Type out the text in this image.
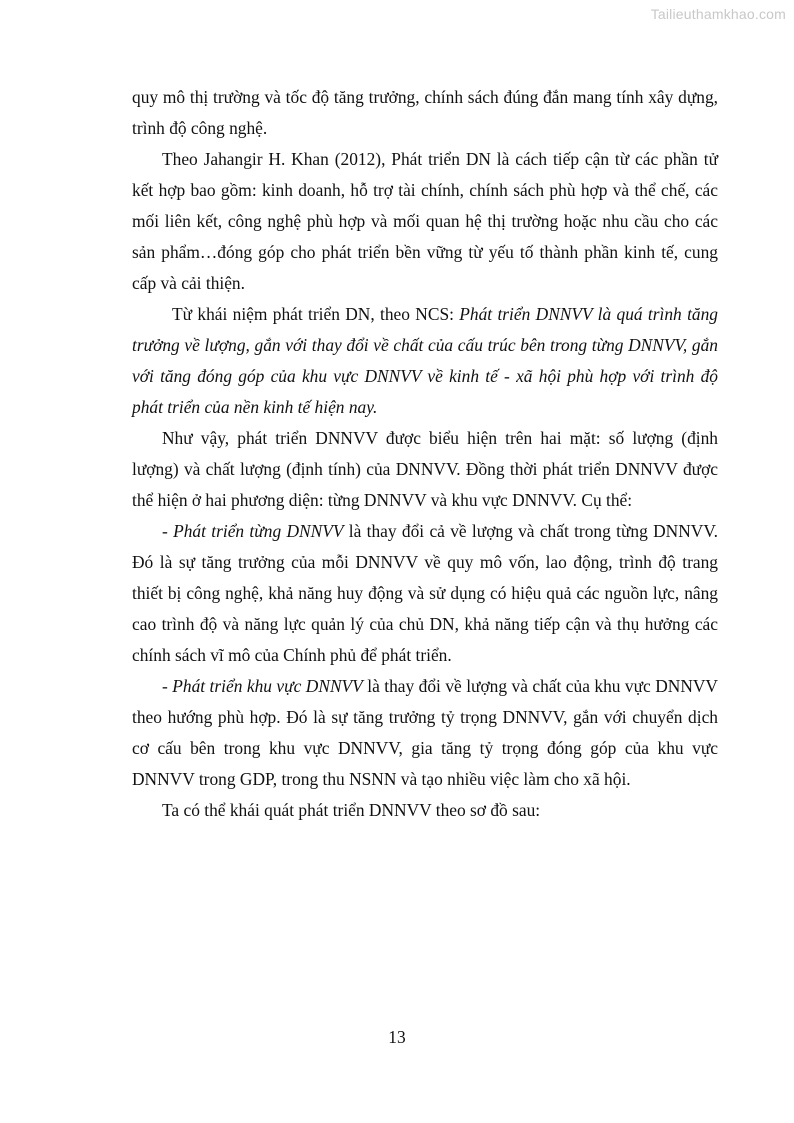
Tailieuthamkhao.com

quy mô thị trường và tốc độ tăng trưởng, chính sách đúng đắn mang tính xây dựng, trình độ công nghệ.

Theo Jahangir H. Khan (2012), Phát triển DN là cách tiếp cận từ các phần tử kết hợp bao gồm: kinh doanh, hỗ trợ tài chính, chính sách phù hợp và thể chế, các mối liên kết, công nghệ phù hợp và mối quan hệ thị trường hoặc nhu cầu cho các sản phẩm…đóng góp cho phát triển bền vững từ yếu tố thành phần kinh tế, cung cấp và cải thiện.

Từ khái niệm phát triển DN, theo NCS: Phát triển DNNVV là quá trình tăng trưởng về lượng, gắn với thay đổi về chất của cấu trúc bên trong từng DNNVV, gắn với tăng đóng góp của khu vực DNNVV về kinh tế - xã hội phù hợp với trình độ phát triển của nền kinh tế hiện nay.

Như vậy, phát triển DNNVV được biểu hiện trên hai mặt: số lượng (định lượng) và chất lượng (định tính) của DNNVV. Đồng thời phát triển DNNVV được thể hiện ở hai phương diện: từng DNNVV và khu vực DNNVV. Cụ thể:

- Phát triển từng DNNVV là thay đổi cả về lượng và chất trong từng DNNVV. Đó là sự tăng trưởng của mỗi DNNVV về quy mô vốn, lao động, trình độ trang thiết bị công nghệ, khả năng huy động và sử dụng có hiệu quả các nguồn lực, nâng cao trình độ và năng lực quản lý của chủ DN, khả năng tiếp cận và thụ hưởng các chính sách vĩ mô của Chính phủ để phát triển.

- Phát triển khu vực DNNVV là thay đổi về lượng và chất của khu vực DNNVV theo hướng phù hợp. Đó là sự tăng trưởng tỷ trọng DNNVV, gắn với chuyển dịch cơ cấu bên trong khu vực DNNVV, gia tăng tỷ trọng đóng góp của khu vực DNNVV trong GDP, trong thu NSNN và tạo nhiều việc làm cho xã hội.

Ta có thể khái quát phát triển DNNVV theo sơ đồ sau:

13
